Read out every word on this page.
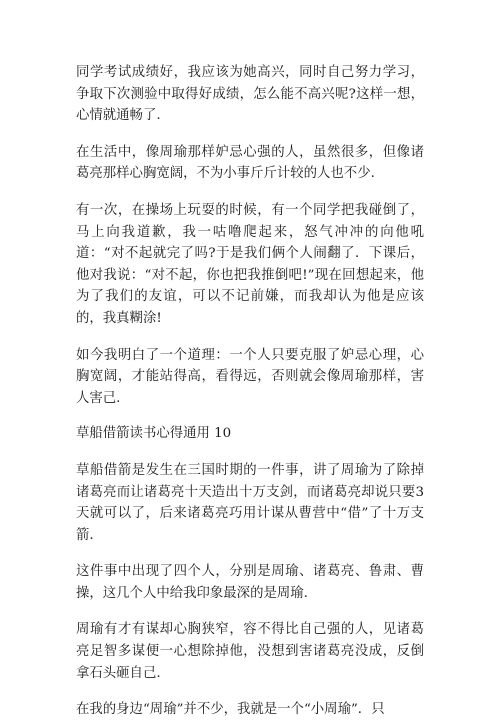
同学考试成绩好，我应该为她高兴，同时自己努力学习，争取下次测验中取得好成绩，怎么能不高兴呢?这样一想，心情就通畅了.

在生活中，像周瑜那样妒忌心强的人，虽然很多，但像诸葛亮那样心胸宽阔，不为小事斤斤计较的人也不少.

有一次，在操场上玩耍的时候，有一个同学把我碰倒了，马上向我道歉，我一咕噜爬起来，怒气冲冲的向他吼道：“对不起就完了吗?于是我们俩个人闹翻了．下课后，他对我说：“对不起，你也把我推倒吧!”现在回想起来，他为了我们的友谊，可以不记前嫌，而我却认为他是应该的，我真糊涂!

如今我明白了一个道理：一个人只要克服了妒忌心理，心胸宽阔，才能站得高，看得远，否则就会像周瑜那样，害人害己.

草船借箭读书心得通用 10

草船借箭是发生在三国时期的一件事，讲了周瑜为了除掉诸葛亮而让诸葛亮十天造出十万支剑，而诸葛亮却说只要3天就可以了，后来诸葛亮巧用计谋从曹营中“借”了十万支箭.

这件事中出现了四个人，分别是周瑜、诸葛亮、鲁肃、曹操，这几个人中给我印象最深的是周瑜.

周瑜有才有谋却心胸狭窄，容不得比自己强的人，见诸葛亮足智多谋便一心想除掉他，没想到害诸葛亮没成，反倒拿石头砸自己.

在我的身边“周瑜”并不少，我就是一个“小周瑜”．只
